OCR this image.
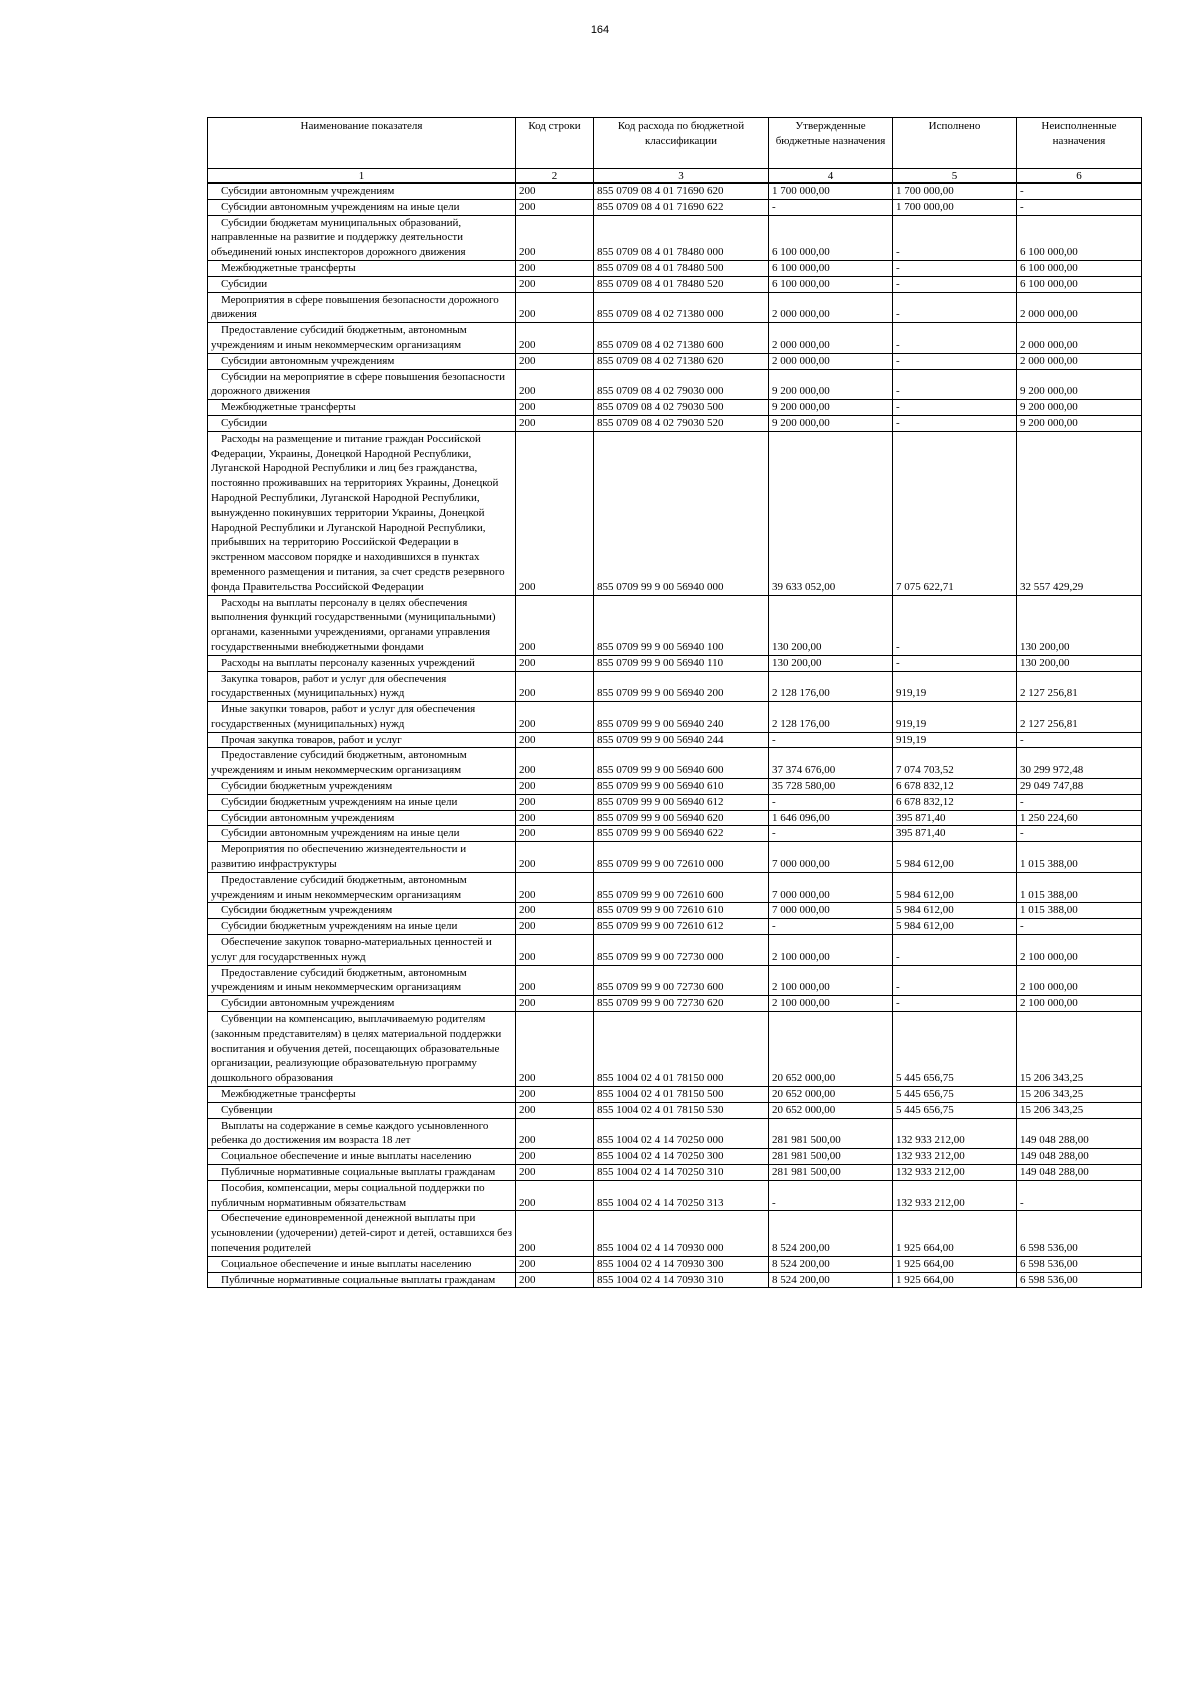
164
Наименование показателя	Код строки	Код расхода по бюджетной классификации	Утвержденные бюджетные назначения	Исполнено	Неисполненные назначения
1	2	3	4	5	6
Субсидии автономным учреждениям	200	855 0709 08 4 01 71690 620	1 700 000,00	1 700 000,00	-
Субсидии автономным учреждениям на иные цели	200	855 0709 08 4 01 71690 622	-	1 700 000,00	-
Субсидии бюджетам муниципальных образований, направленные на развитие и поддержку деятельности объединений юных инспекторов дорожного движения	200	855 0709 08 4 01 78480 000	6 100 000,00	-	6 100 000,00
Межбюджетные трансферты	200	855 0709 08 4 01 78480 500	6 100 000,00	-	6 100 000,00
Субсидии	200	855 0709 08 4 01 78480 520	6 100 000,00	-	6 100 000,00
Мероприятия в сфере повышения безопасности дорожного движения	200	855 0709 08 4 02 71380 000	2 000 000,00	-	2 000 000,00
Предоставление субсидий бюджетным, автономным учреждениям и иным некоммерческим организациям	200	855 0709 08 4 02 71380 600	2 000 000,00	-	2 000 000,00
Субсидии автономным учреждениям	200	855 0709 08 4 02 71380 620	2 000 000,00	-	2 000 000,00
Субсидии на мероприятие в сфере повышения безопасности дорожного движения	200	855 0709 08 4 02 79030 000	9 200 000,00	-	9 200 000,00
Межбюджетные трансферты	200	855 0709 08 4 02 79030 500	9 200 000,00	-	9 200 000,00
Субсидии	200	855 0709 08 4 02 79030 520	9 200 000,00	-	9 200 000,00
Расходы на размещение и питание граждан Российской Федерации, Украины, Донецкой Народной Республики, Луганской Народной Республики и лиц без гражданства, постоянно проживавших на территориях Украины, Донецкой Народной Республики, Луганской Народной Республики, вынужденно покинувших территории Украины, Донецкой Народной Республики и Луганской Народной Республики, прибывших на территорию Российской Федерации в экстренном массовом порядке и находившихся в пунктах временного размещения и питания, за счет средств резервного фонда Правительства Российской Федерации	200	855 0709 99 9 00 56940 000	39 633 052,00	7 075 622,71	32 557 429,29
Расходы на выплаты персоналу в целях обеспечения выполнения функций государственными (муниципальными) органами, казенными учреждениями, органами управления государственными внебюджетными фондами	200	855 0709 99 9 00 56940 100	130 200,00	-	130 200,00
Расходы на выплаты персоналу казенных учреждений	200	855 0709 99 9 00 56940 110	130 200,00	-	130 200,00
Закупка товаров, работ и услуг для обеспечения государственных (муниципальных) нужд	200	855 0709 99 9 00 56940 200	2 128 176,00	919,19	2 127 256,81
Иные закупки товаров, работ и услуг для обеспечения государственных (муниципальных) нужд	200	855 0709 99 9 00 56940 240	2 128 176,00	919,19	2 127 256,81
Прочая закупка товаров, работ и услуг	200	855 0709 99 9 00 56940 244	-	919,19	-
Предоставление субсидий бюджетным, автономным учреждениям и иным некоммерческим организациям	200	855 0709 99 9 00 56940 600	37 374 676,00	7 074 703,52	30 299 972,48
Субсидии бюджетным учреждениям	200	855 0709 99 9 00 56940 610	35 728 580,00	6 678 832,12	29 049 747,88
Субсидии бюджетным учреждениям на иные цели	200	855 0709 99 9 00 56940 612	-	6 678 832,12	-
Субсидии автономным учреждениям	200	855 0709 99 9 00 56940 620	1 646 096,00	395 871,40	1 250 224,60
Субсидии автономным учреждениям на иные цели	200	855 0709 99 9 00 56940 622	-	395 871,40	-
Мероприятия по обеспечению жизнедеятельности и развитию инфраструктуры	200	855 0709 99 9 00 72610 000	7 000 000,00	5 984 612,00	1 015 388,00
Предоставление субсидий бюджетным, автономным учреждениям и иным некоммерческим организациям	200	855 0709 99 9 00 72610 600	7 000 000,00	5 984 612,00	1 015 388,00
Субсидии бюджетным учреждениям	200	855 0709 99 9 00 72610 610	7 000 000,00	5 984 612,00	1 015 388,00
Субсидии бюджетным учреждениям на иные цели	200	855 0709 99 9 00 72610 612	-	5 984 612,00	-
Обеспечение закупок товарно-материальных ценностей и услуг для государственных нужд	200	855 0709 99 9 00 72730 000	2 100 000,00	-	2 100 000,00
Предоставление субсидий бюджетным, автономным учреждениям и иным некоммерческим организациям	200	855 0709 99 9 00 72730 600	2 100 000,00	-	2 100 000,00
Субсидии автономным учреждениям	200	855 0709 99 9 00 72730 620	2 100 000,00	-	2 100 000,00
Субвенции на компенсацию, выплачиваемую родителям (законным представителям) в целях материальной поддержки воспитания и обучения детей, посещающих образовательные организации, реализующие образовательную программу дошкольного образования	200	855 1004 02 4 01 78150 000	20 652 000,00	5 445 656,75	15 206 343,25
Межбюджетные трансферты	200	855 1004 02 4 01 78150 500	20 652 000,00	5 445 656,75	15 206 343,25
Субвенции	200	855 1004 02 4 01 78150 530	20 652 000,00	5 445 656,75	15 206 343,25
Выплаты на содержание в семье каждого усыновленного ребенка до достижения им возраста 18 лет	200	855 1004 02 4 14 70250 000	281 981 500,00	132 933 212,00	149 048 288,00
Социальное обеспечение и иные выплаты населению	200	855 1004 02 4 14 70250 300	281 981 500,00	132 933 212,00	149 048 288,00
Публичные нормативные социальные выплаты гражданам	200	855 1004 02 4 14 70250 310	281 981 500,00	132 933 212,00	149 048 288,00
Пособия, компенсации, меры социальной поддержки по публичным нормативным обязательствам	200	855 1004 02 4 14 70250 313	-	132 933 212,00	-
Обеспечение единовременной денежной выплаты при усыновлении (удочерении) детей-сирот и детей, оставшихся без попечения родителей	200	855 1004 02 4 14 70930 000	8 524 200,00	1 925 664,00	6 598 536,00
Социальное обеспечение и иные выплаты населению	200	855 1004 02 4 14 70930 300	8 524 200,00	1 925 664,00	6 598 536,00
Публичные нормативные социальные выплаты гражданам	200	855 1004 02 4 14 70930 310	8 524 200,00	1 925 664,00	6 598 536,00
